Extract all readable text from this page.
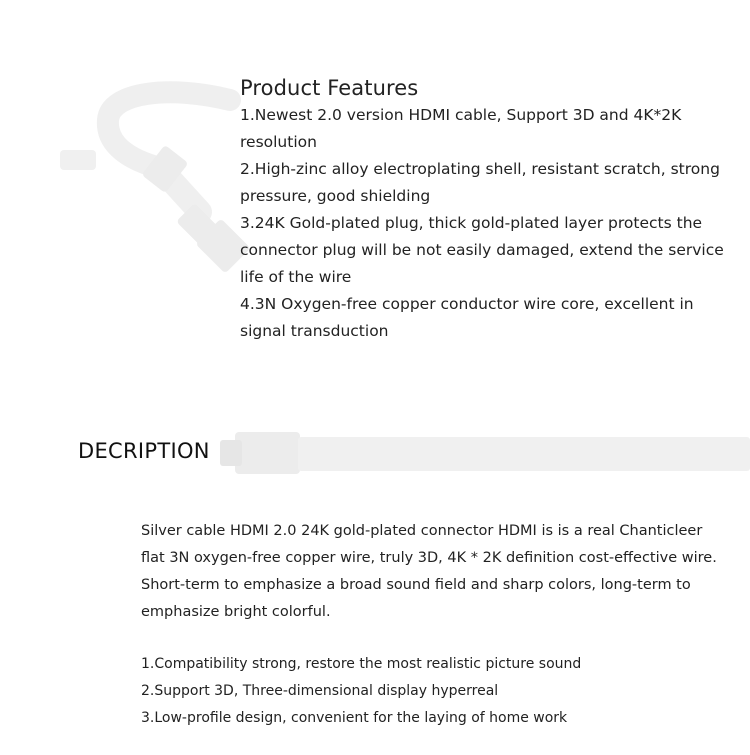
Product Features

1.Newest 2.0 version HDMI cable, Support 3D and 4K*2K

resolution

2.High-zinc alloy electroplating shell, resistant scratch, strong

pressure, good shielding

3.24K Gold-plated plug, thick gold-plated layer protects the

connector plug will be not easily damaged, extend the service

life of the wire

4.3N Oxygen-free copper conductor wire core, excellent in

signal transduction

DECRIPTION

Silver cable HDMI 2.0 24K gold-plated connector HDMI is is a real Chanticleer

flat 3N oxygen-free copper wire, truly 3D, 4K * 2K definition cost-effective wire.

Short-term to emphasize a broad sound field and sharp colors, long-term to

emphasize bright colorful.

1.Compatibility strong, restore the most realistic picture sound

2.Support 3D, Three-dimensional display hyperreal

3.Low-profile design, convenient for the laying of home work
